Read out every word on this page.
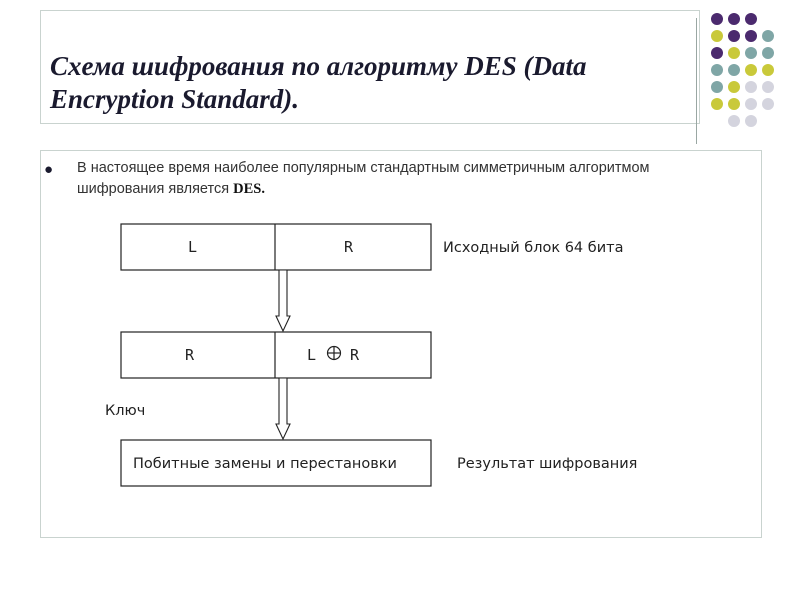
Схема шифрования по алгоритму DES (Data Encryption Standard).
● В настоящее время наиболее популярным стандартным симметричным алгоритмом шифрования является DES.

L	R	Исходный блок 64 бита
R	L R
Ключ
Побитные замены и перестановки	Результат шифрования
